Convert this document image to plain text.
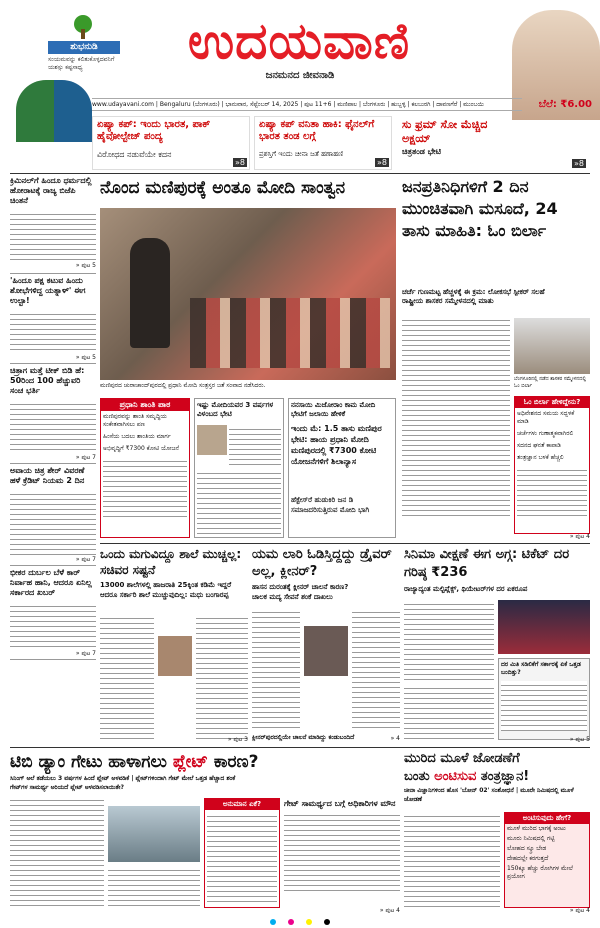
ಶುಭನುಡಿ
ಸಂಯಮವನ್ನು ಕಲಿತುಕೊಳ್ಳದವನಿಗೆ ಯಶಸ್ಸು ಕಷ್ಟಸಾಧ್ಯ	ಉದಯವಾಣಿ
ಜನಮನದ ಜೀವನಾಡಿ
www.udayavani.com | Bengaluru (ಬೆಂಗಳೂರು) | ಭಾನುವಾರ, ಸೆಪ್ಟೆಂಬರ್ 14, 2025 | ಪುಟ 11+6 | ಮಣಿಪಾಲ | ಬೆಂಗಳೂರು | ಹುಬ್ಬಳ್ಳಿ | ಕಲಬುರಗಿ | ದಾವಣಗೆರೆ | ಮುಂಬಯಿ	ಬೆಲೆ: ₹6.00
ಏಷ್ಯಾ ಕಪ್: ಇಂದು ಭಾರತ, ಪಾಕ್ ಹೈವೋಲ್ಟೇಜ್ ಪಂದ್ಯ
ವಿರೋಧದ ನಡುವೆಯೇ ಕದನ
»8
ಏಷ್ಯಾ ಕಪ್ ವನಿತಾ ಹಾಕಿ: ಫೈನಲ್‌ಗೆ ಭಾರತ ತಂಡ ಲಗ್ಗೆ
ಪ್ರಶಸ್ತಿಗೆ ಇಂದು ಚೀನಾ ಜತೆ ಹಣಾಹಣಿ
»8
ಸು ಫ್ರಮ್ ಸೋ ಮೆಚ್ಚಿದ ಅಕ್ಷಯ್
ಚಿತ್ರತಂಡ ಭೇಟಿ
»8
ಕ್ರಿಮಿನಲ್‌ಗೆ ಹಿಂದೂ ಧರ್ಮದಲ್ಲಿ ಹೋರಾಟಕ್ಕೆ ರಾಜ್ಯ ಬಿಜೆಪಿ ಚಿಂತನೆ
» ಪುಟ 5
'ಹಿಂದೂ ಪಕ್ಷ ಕಟುವ ಹಿಂದು ಶೋಭೆಗಳಿದ್ದ ಯತ್ನಾಳ್' ಈಗ ಉಲ್ಟಾ!
» ಪುಟ 5
ಚಿತ್ರಾಗ ಮತ್ತೆ ಟೀಕ್ ಬಿಡಿ ಹೆ: 50ರಿಂದ 100 ಹೆಚ್ಚುವರಿ ಸಂಚ ಭರ್ತಿ
» ಪುಟ 7
ಅವಾಯ ಚಿತ್ರ ಶೇರ್ ವಿವರಣೆ ಹಳೆ ಕ್ರೆಡಿಟ್ ನಿಯಮ 2 ದಿನ
» ಪುಟ 7
ಭೀಕರ ದುರ್ಬಲ ಬೆಳೆ ಕಾರ್ ನಿರ್ವಾಹ ಹಾನಿ, ಆದರೂ ಏನಿಲ್ಲ ಸರ್ಕಾರದ ಖಬರ್
» ಪುಟ 7
ನೊಂದ ಮಣಿಪುರಕ್ಕೆ ಅಂತೂ ಮೋದಿ ಸಾಂತ್ವನ
ಮಣಿಪುರದ ಚುರಾಚಾಂದ್‌ಪುರದಲ್ಲಿ ಪ್ರಧಾನಿ ಮೋದಿ ಸಂತ್ರಸ್ತರ ಜತೆ ಸಂವಾದ ನಡೆಸಿದರು.
ಪ್ರಧಾನಿ ಶಾಂತಿ ಪಾಠ
ಮಣಿಪುರವನ್ನು ಶಾಂತಿ ಸಮೃದ್ಧಿಯ ಸಂಕೇತವಾಗಿಸಲು ಪಣ
ಹಿಂಸೆಯ ಬದಲು ಶಾಂತಿಯ ಮಾರ್ಗ
ಅಭಿವೃದ್ಧಿಗೆ ₹7300 ಕೋಟಿ ಯೋಜನೆ
ಇಷ್ಟು ಮೋದಿಯವರ 3 ವರ್ಷಗಳ ವಿಳಂಬದ ಭೇಟಿ
ನನಸಾಯಿ ಮಿಜೋರಾಂ ಕಾಮ ಮೋದಿ ಭೇಟಿಗೆ ಜಲಾಯಿ ಹೇಳಿಕೆ
ಇಂದು ಮೆ: 1.5 ತಾಸು ಮಣಿಪುರ ಭೇಟಿ: ಹಾಯ ಪ್ರಧಾನಿ ಮೋದಿ ಮಣಿಪುರದಲ್ಲಿ ₹7300 ಕೋಟಿ ಯೋಜನೆಗಳಿಗೆ ಶಿಲಾನ್ಯಾಸ
ಹೆಕ್ಟೇಸ್‌ರೆ ಹುಡುಕಿರಿ ಜನ ಡಿ ಸಮಾಜದರಿಸುತ್ತಿರುವ ಮೋದಿ ಭಾಗಿ
ಜನಪ್ರತಿನಿಧಿಗಳಿಗೆ 2 ದಿನ ಮುಂಚಿತವಾಗಿ ಮಸೂದೆ, 24 ತಾಸು ಮಾಹಿತಿ: ಓಂ ಬಿರ್ಲಾ
ಚರ್ಚೆ ಗುಣಮಟ್ಟ ಹೆಚ್ಚಳಕ್ಕೆ ಈ ಕ್ರಮ: ಲೋಕಸಭೆ ಸ್ಪೀಕರ್ ಸಲಹೆ
ರಾಷ್ಟ್ರೀಯ ಶಾಸಕರ ಸಮ್ಮೇಳನದಲ್ಲಿ ಮಾತು
ಬೆಂಗಳೂರಿನಲ್ಲಿ ನಡೆದ ಶಾಸಕರ ಸಮ್ಮೇಳನದಲ್ಲಿ ಓಂ ಬಿರ್ಲಾ
ಓಂ ಬಿರ್ಲಾ ಹೇಳಿದ್ದೇನು?
ಅಧಿವೇಶನದ ಸಮಯ ಸದ್ಬಳಕೆ ಮಾಡಿ
ಚರ್ಚೆಗಳು ಗುಣಾತ್ಮಕವಾಗಿರಲಿ
ಸದನದ ಘನತೆ ಕಾಪಾಡಿ
ತಂತ್ರಜ್ಞಾನ ಬಳಕೆ ಹೆಚ್ಚಲಿ
» ಪುಟ 4
ಒಂದು ಮಗುವಿದ್ದೂ ಶಾಲೆ ಮುಚ್ಚಲ್ಲ: ಸಚಿವರ ಸಷ್ಟನೆ
13000 ಶಾಲೆಗಳಲ್ಲಿ ಹಾಜರಾತಿ 25ಕ್ಕಿಂತ ಕಡಿಮೆ ಇದ್ದರೆ ಆದರೂ ಸರ್ಕಾರಿ ಶಾಲೆ ಮುಚ್ಚುವುದಿಲ್ಲ: ಮಧು ಬಂಗಾರಪ್ಪ
» ಪುಟ 3
ಯಮ ಲಾರಿ ಓಡಿಸ್ತಿದ್ದದ್ದು ಡ್ರೈವರ್ ಅಲ್ಲ, ಕ್ಲೀನರ್?
ಹಾಸನ ದುರಂತಕ್ಕೆ ಕ್ಲೀನರ್ ಚಾಲನೆ ಕಾರಣ?
ಚಾಲಕ ಮದ್ಯ ಸೇವನೆ ಶಂಕೆ ದಾಖಲು
ಕ್ಲೀನರ್‌ಪುರದಲ್ಲಿಯೇ ಚಾಲನೆ ಮಾಡಿದ್ದು ಕಂಡುಬಂದಿದೆ	» 4
ಸಿನಿಮಾ ವೀಕ್ಷಣೆ ಈಗ ಅಗ್ಗ: ಟಿಕೆಟ್ ದರ ಗರಿಷ್ಠ ₹236
ರಾಜ್ಯಾದ್ಯಂತ ಮಲ್ಟಿಪ್ಲೆಕ್ಸ್, ಥಿಯೇಟರ್‌ಗಳ ದರ ಏಕರೂಪ
ದರ ಮಿತಿ ಸಡಿಲಿಕೆಗೆ ಸರ್ಕಾರಕ್ಕೆ ಏಕೆ ಒತ್ತಡ ಬಂದಿತ್ತು?
» ಪುಟ 5
ಟಿಬಿ ಡ್ಯಾಂ ಗೇಟು ಹಾಳಾಗಲು ಪ್ಲೇಟ್ ಕಾರಣ?
ಸಿನಿಂಗ್ ಅಲೆ ತಡೆಯಲು 3 ವರ್ಷಗಳ ಹಿಂದೆ ಪ್ಲೇಟ್ ಅಳವಡಿಕೆ | ಪ್ಲೇಟ್‌ಗಳಿಂದಾಗಿ ಗೇಟ್ ಮೇಲೆ ಒತ್ತಡ ಹೆಚ್ಚಾದ ಶಂಕೆ
ಗೇಟ್‌ಗಳ ಸಾಮರ್ಥ್ಯ ಅರಿಯದೆ ಪ್ಲೇಟ್ ಅಳವಡಿಸಲಾಯಿತೇ?
ಅನುಮಾನ ಏಕೆ?	ಗೇಟ್ ಸಾಮರ್ಥ್ಯದ ಬಗ್ಗೆ ಅಧಿಕಾರಿಗಳ ಮೌನ
» ಪುಟ 4
ಮುರಿದ ಮೂಳೆ ಜೋಡಣೆಗೆ
ಬಂತು ಅಂಟಿಸುವ ತಂತ್ರಜ್ಞಾನ!
ಚೀನಾ ವಿಜ್ಞಾನಿಗಳಿಂದ ಹೊಸ 'ಬೋನ್ 02' ಸಂಶೋಧನೆ | ಮೂರೇ ನಿಮಿಷದಲ್ಲಿ ಮೂಳೆ ಜೋಡಣೆ
ಅಂಟಿಸುವುದು ಹೇಗೆ?
ಮೂಳೆ ಮುರಿದ ಭಾಗಕ್ಕೆ ಅಂಟು
ಮೂರು ನಿಮಿಷದಲ್ಲಿ ಗಟ್ಟಿ
ಲೋಹದ ಸ್ಕ್ರೂ ಬೇಡ
ದೇಹದಲ್ಲೇ ಕರಗುತ್ತದೆ
150ಕ್ಕೂ ಹೆಚ್ಚು ರೋಗಿಗಳ ಮೇಲೆ ಪ್ರಯೋಗ
» ಪುಟ 4
